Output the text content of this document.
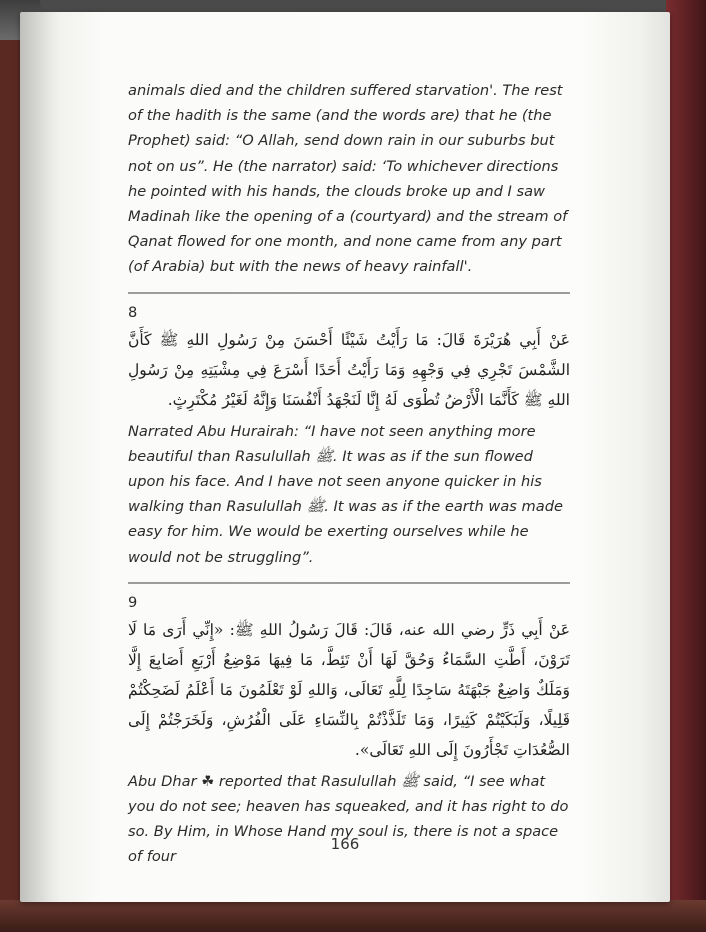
animals died and the children suffered starvation'. The rest of the hadith is the same (and the words are) that he (the Prophet) said: “O Allah, send down rain in our suburbs but not on us”. He (the narrator) said: ‘To whichever directions he pointed with his hands, the clouds broke up and I saw Madinah like the opening of a (courtyard) and the stream of Qanat flowed for one month, and none came from any part (of Arabia) but with the news of heavy rainfall'.

8

عَنْ أَبِي هُرَيْرَةَ قَالَ: مَا رَأَيْتُ شَيْئًا أَحْسَنَ مِنْ رَسُولِ اللهِ ﷺ كَأَنَّ الشَّمْسَ تَجْرِي فِي وَجْهِهِ وَمَا رَأَيْتُ أَحَدًا أَسْرَعَ فِي مِشْيَتِهِ مِنْ رَسُولِ اللهِ ﷺ كَأَنَّمَا الْأَرْضُ تُطْوَى لَهُ إِنَّا لَنَجْهَدُ أَنْفُسَنَا وَإِنَّهُ لَغَيْرُ مُكْتَرِثٍ.

Narrated Abu Hurairah: “I have not seen anything more beautiful than Rasulullah ﷺ. It was as if the sun flowed upon his face. And I have not seen anyone quicker in his walking than Rasulullah ﷺ. It was as if the earth was made easy for him. We would be exerting ourselves while he would not be struggling”.

9

عَنْ أَبِي ذَرٍّ رضي الله عنه، قَالَ: قَالَ رَسُولُ اللهِ ﷺ: «إِنِّي أَرَى مَا لَا تَرَوْنَ، أَطَّتِ السَّمَاءُ وَحُقَّ لَهَا أَنْ تَئِطَّ، مَا فِيهَا مَوْضِعُ أَرْبَعِ أَصَابِعَ إِلَّا وَمَلَكٌ وَاضِعٌ جَبْهَتَهُ سَاجِدًا لِلَّهِ تَعَالَى، وَاللهِ لَوْ تَعْلَمُونَ مَا أَعْلَمُ لَضَحِكْتُمْ قَلِيلًا، وَلَبَكَيْتُمْ كَثِيرًا، وَمَا تَلَذَّذْتُمْ بِالنِّسَاءِ عَلَى الْفُرُشِ، وَلَخَرَجْتُمْ إِلَى الصُّعُدَاتِ تَجْأَرُونَ إِلَى اللهِ تَعَالَى».

Abu Dhar ☘ reported that Rasulullah ﷺ said, “I see what you do not see; heaven has squeaked, and it has right to do so. By Him, in Whose Hand my soul is, there is not a space of four

166
